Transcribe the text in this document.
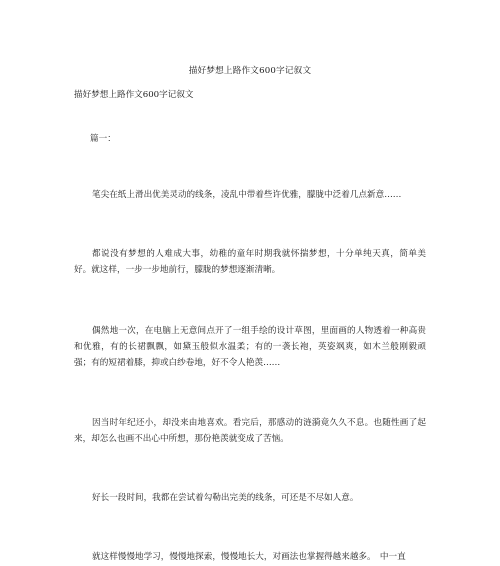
描好梦想上路作文600字记叙文
描好梦想上路作文600字记叙文
篇一：

笔尖在纸上滑出优美灵动的线条，凌乱中带着些许优雅，朦胧中泛着几点新意……

都说没有梦想的人难成大事，幼稚的童年时期我就怀揣梦想，十分单纯天真，简单美好。就这样，一步一步地前行，朦胧的梦想逐渐清晰。

偶然地一次，在电脑上无意间点开了一组手绘的设计草图，里面画的人物透着一种高贵和优雅，有的长裙飘飘，如黛玉般似水温柔；有的一袭长袍，英姿飒爽，如木兰般刚毅顽强；有的短裙着膝，抑或白纱卷地，好不令人艳羡……

因当时年纪还小，却没来由地喜欢。看完后，那感动的涟漪竟久久不息。也随性画了起来，却怎么也画不出心中所想，那份艳羡就变成了苦恼。

好长一段时间，我都在尝试着勾勒出完美的线条，可还是不尽如人意。

就这样慢慢地学习，慢慢地探索，慢慢地长大，对画法也掌握得越来越多。　中一直
